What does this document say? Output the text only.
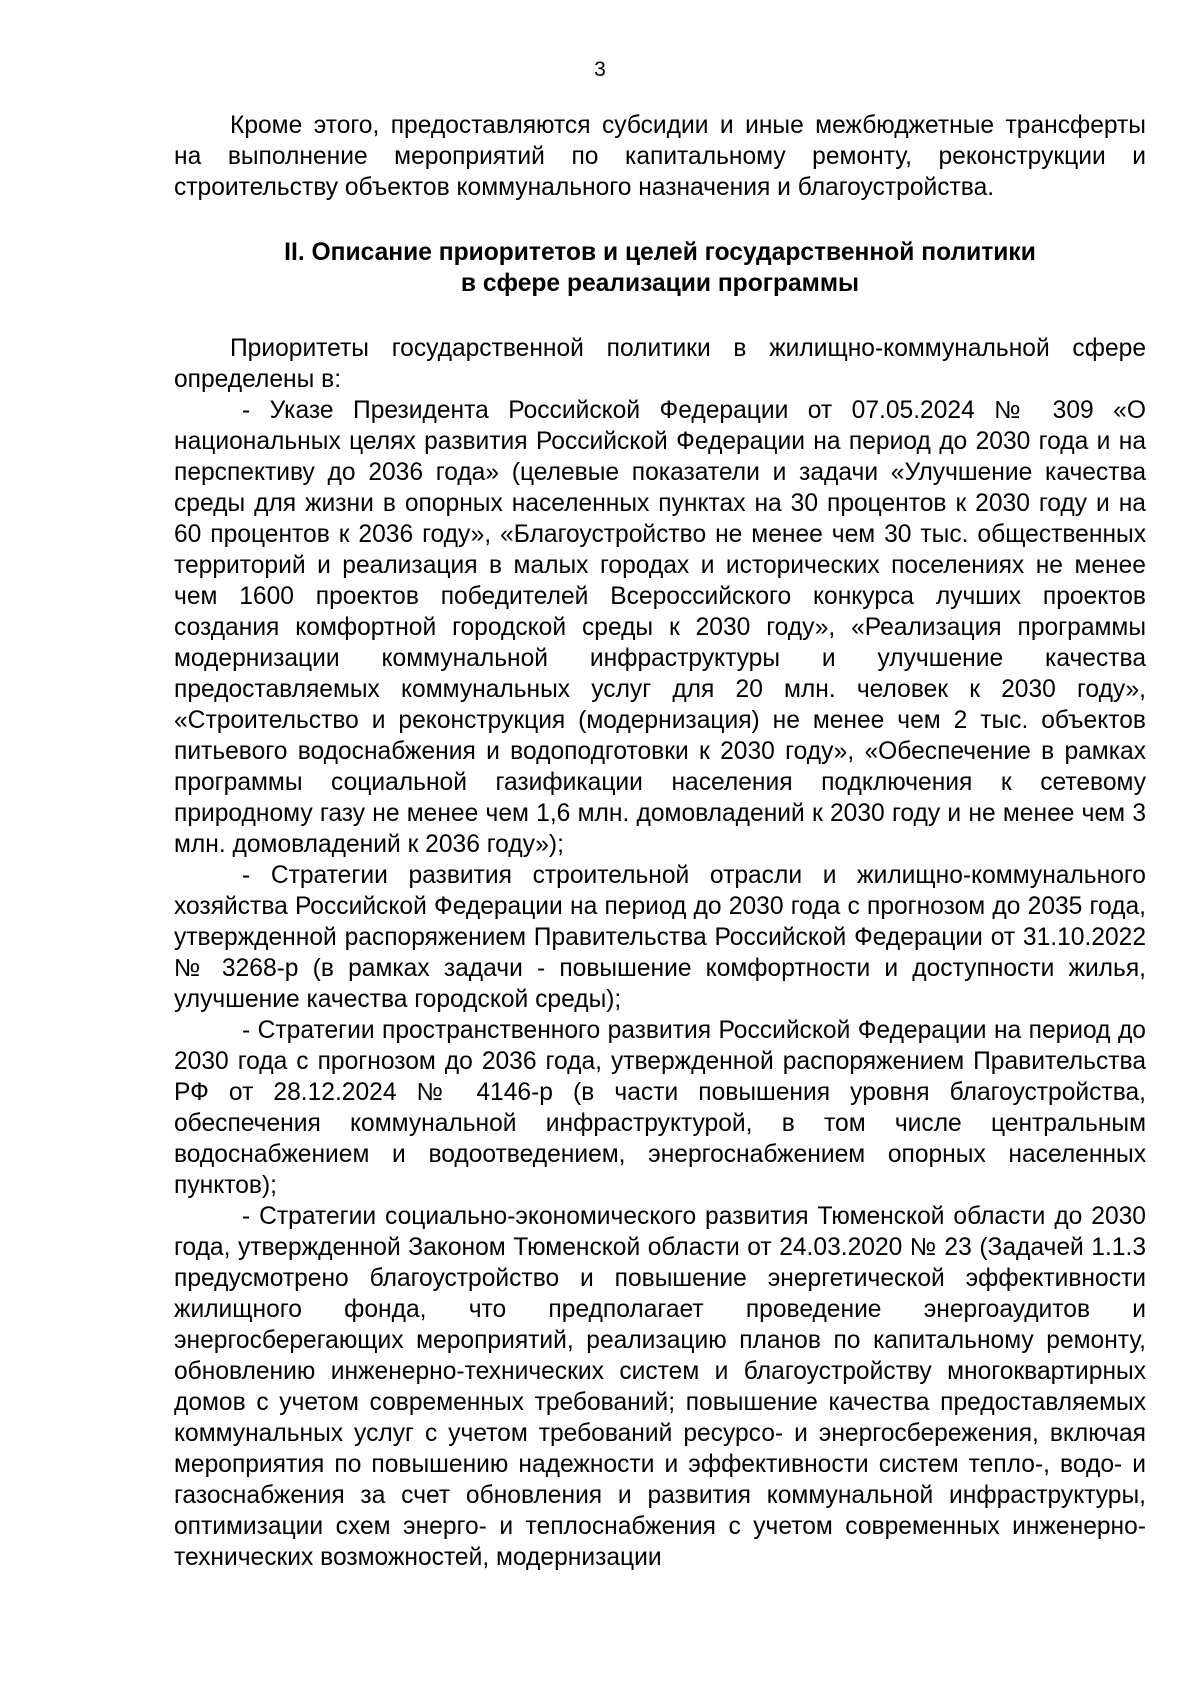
3

Кроме этого, предоставляются субсидии и иные межбюджетные трансферты на выполнение мероприятий по капитальному ремонту, реконструкции и строительству объектов коммунального назначения и благоустройства.

II. Описание приоритетов и целей государственной политики
в сфере реализации программы

Приоритеты государственной политики в жилищно-коммунальной сфере определены в:

- Указе Президента Российской Федерации от 07.05.2024 № 309 «О национальных целях развития Российской Федерации на период до 2030 года и на перспективу до 2036 года» (целевые показатели и задачи «Улучшение качества среды для жизни в опорных населенных пунктах на 30 процентов к 2030 году и на 60 процентов к 2036 году», «Благоустройство не менее чем 30 тыс. общественных территорий и реализация в малых городах и исторических поселениях не менее чем 1600 проектов победителей Всероссийского конкурса лучших проектов создания комфортной городской среды к 2030 году», «Реализация программы модернизации коммунальной инфраструктуры и улучшение качества предоставляемых коммунальных услуг для 20 млн. человек к 2030 году», «Строительство и реконструкция (модернизация) не менее чем 2 тыс. объектов питьевого водоснабжения и водоподготовки к 2030 году», «Обеспечение в рамках программы социальной газификации населения подключения к сетевому природному газу не менее чем 1,6 млн. домовладений к 2030 году и не менее чем 3 млн. домовладений к 2036 году»);

- Стратегии развития строительной отрасли и жилищно-коммунального хозяйства Российской Федерации на период до 2030 года с прогнозом до 2035 года, утвержденной распоряжением Правительства Российской Федерации от 31.10.2022 № 3268-р (в рамках задачи - повышение комфортности и доступности жилья, улучшение качества городской среды);

- Стратегии пространственного развития Российской Федерации на период до 2030 года с прогнозом до 2036 года, утвержденной распоряжением Правительства РФ от 28.12.2024 № 4146-р (в части повышения уровня благоустройства, обеспечения коммунальной инфраструктурой, в том числе центральным водоснабжением и водоотведением, энергоснабжением опорных населенных пунктов);

- Стратегии социально-экономического развития Тюменской области до 2030 года, утвержденной Законом Тюменской области от 24.03.2020 № 23 (Задачей 1.1.3 предусмотрено благоустройство и повышение энергетической эффективности жилищного фонда, что предполагает проведение энергоаудитов и энергосберегающих мероприятий, реализацию планов по капитальному ремонту, обновлению инженерно-технических систем и благоустройству многоквартирных домов с учетом современных требований; повышение качества предоставляемых коммунальных услуг с учетом требований ресурсо- и энергосбережения, включая мероприятия по повышению надежности и эффективности систем тепло-, водо- и газоснабжения за счет обновления и развития коммунальной инфраструктуры, оптимизации схем энерго- и теплоснабжения с учетом современных инженерно-технических возможностей, модернизации
